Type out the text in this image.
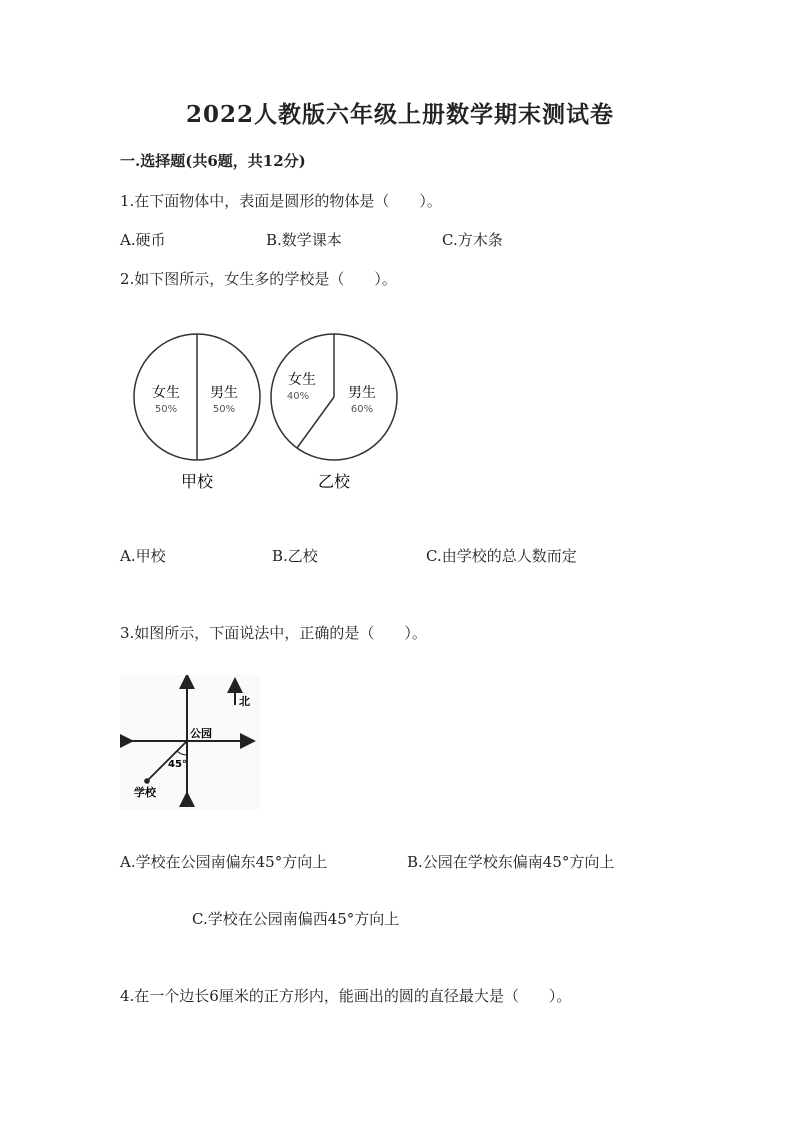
2022人教版六年级上册数学期末测试卷
一.选择题(共6题，共12分)
1.在下面物体中，表面是圆形的物体是（　　）。
A.硬币	B.数学课本	C.方木条
2.如下图所示，女生多的学校是（　　）。
女生
50%
男生
50%
甲校
女生
40%	男生
60%
乙校
A.甲校	B.乙校	C.由学校的总人数而定
3.如图所示，下面说法中，正确的是（　　）。
北
公园
45°
学校
A.学校在公园南偏东45°方向上	B.公园在学校东偏南45°方向上
C.学校在公园南偏西45°方向上
4.在一个边长6厘米的正方形内，能画出的圆的直径最大是（　　）。
